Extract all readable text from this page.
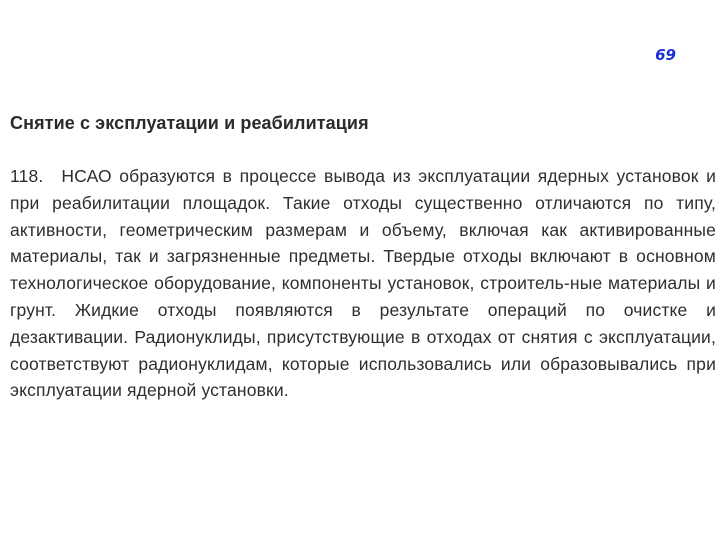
69
Снятие с эксплуатации и реабилитация

118. НСАО образуются в процессе вывода из эксплуатации ядерных установок и при реабилитации площадок. Такие отходы существенно отличаются по типу, активности, геометрическим размерам и объему, включая как активированные материалы, так и загрязненные предметы. Твердые отходы включают в основном технологическое оборудование, компоненты установок, строитель-ные материалы и грунт. Жидкие отходы появляются в результате операций по очистке и дезактивации. Радионуклиды, присутствующие в отходах от снятия с эксплуатации, соответствуют радионуклидам, которые использовались или образовывались при эксплуатации ядерной установки.
